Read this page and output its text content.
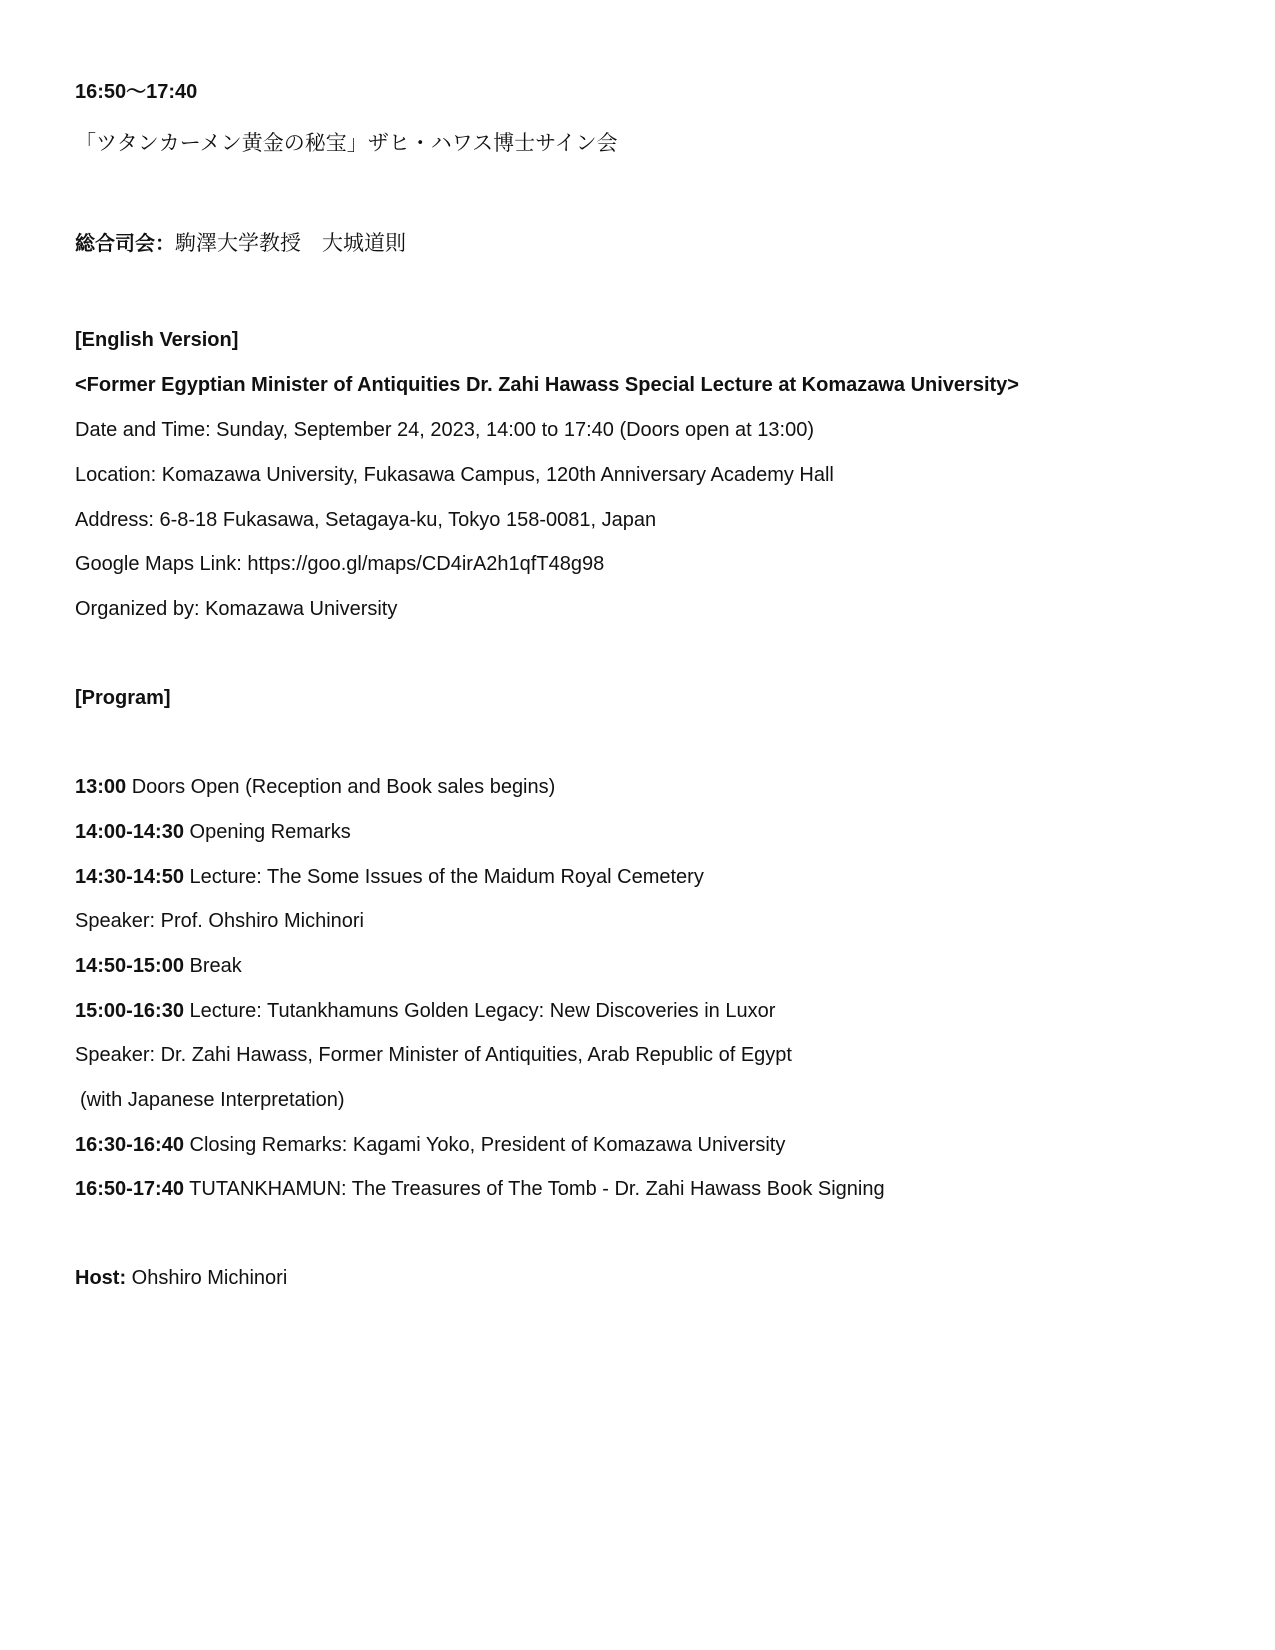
16:50～17:40
「ツタンカーメン黄金の秘宝」ザヒ・ハワス博士サイン会
総合司会：駒澤大学教授　大城道則
[English Version]
<Former Egyptian Minister of Antiquities Dr. Zahi Hawass Special Lecture at Komazawa University>
Date and Time: Sunday, September 24, 2023, 14:00 to 17:40 (Doors open at 13:00)
Location: Komazawa University, Fukasawa Campus, 120th Anniversary Academy Hall
Address: 6-8-18 Fukasawa, Setagaya-ku, Tokyo 158-0081, Japan
Google Maps Link: https://goo.gl/maps/CD4irA2h1qfT48g98
Organized by: Komazawa University
[Program]
13:00 Doors Open (Reception and Book sales begins)
14:00-14:30 Opening Remarks
14:30-14:50 Lecture: The Some Issues of the Maidum Royal Cemetery
Speaker: Prof. Ohshiro Michinori
14:50-15:00 Break
15:00-16:30 Lecture: Tutankhamuns Golden Legacy: New Discoveries in Luxor
Speaker: Dr. Zahi Hawass, Former Minister of Antiquities, Arab Republic of Egypt
(with Japanese Interpretation)
16:30-16:40 Closing Remarks: Kagami Yoko, President of Komazawa University
16:50-17:40 TUTANKHAMUN: The Treasures of The Tomb - Dr. Zahi Hawass Book Signing
Host: Ohshiro Michinori
